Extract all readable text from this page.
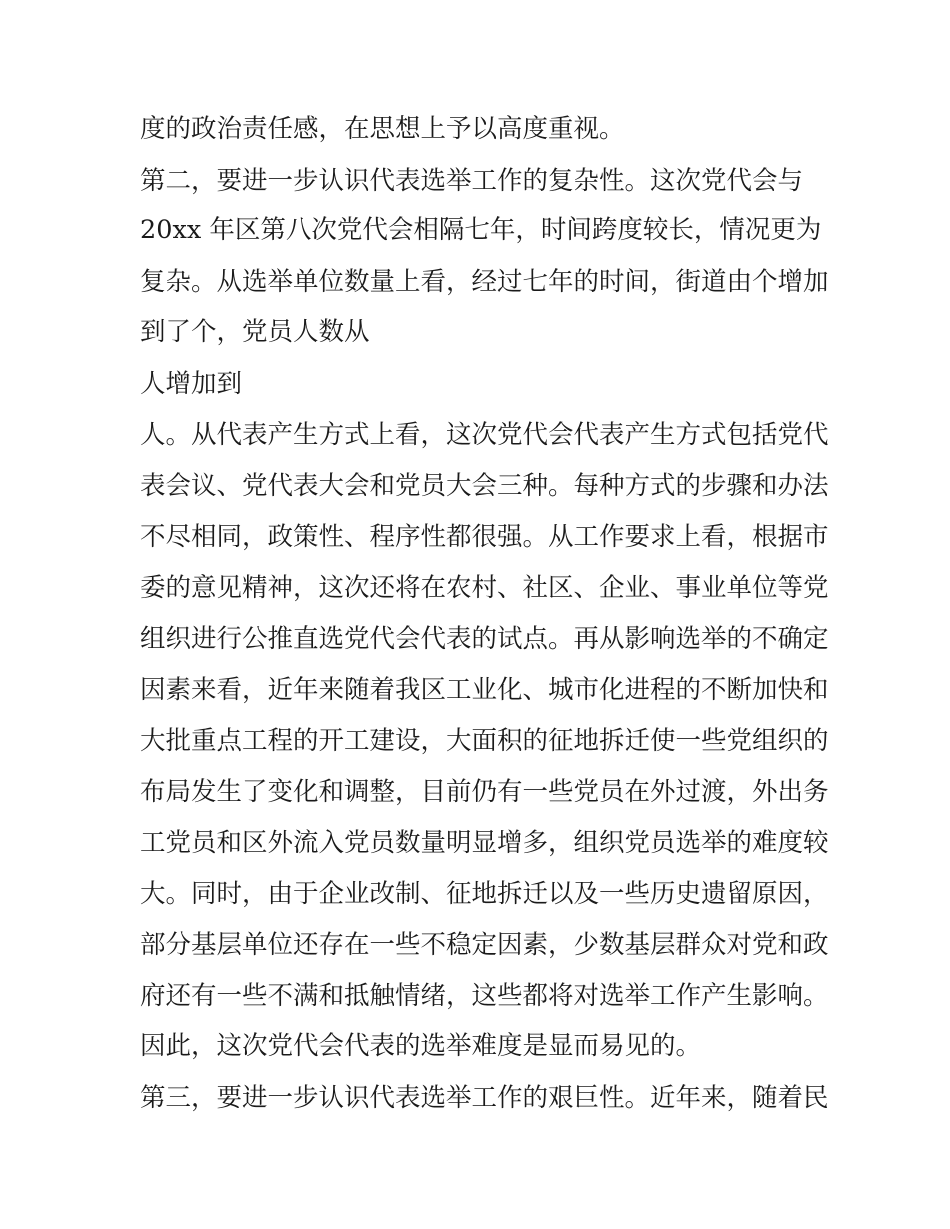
度的政治责任感，在思想上予以高度重视。
第二，要进一步认识代表选举工作的复杂性。这次党代会与
20xx 年区第八次党代会相隔七年，时间跨度较长，情况更为
复杂。从选举单位数量上看，经过七年的时间，街道由个增加
到了个，党员人数从
人增加到
人。从代表产生方式上看，这次党代会代表产生方式包括党代
表会议、党代表大会和党员大会三种。每种方式的步骤和办法
不尽相同，政策性、程序性都很强。从工作要求上看，根据市
委的意见精神，这次还将在农村、社区、企业、事业单位等党
组织进行公推直选党代会代表的试点。再从影响选举的不确定
因素来看，近年来随着我区工业化、城市化进程的不断加快和
大批重点工程的开工建设，大面积的征地拆迁使一些党组织的
布局发生了变化和调整，目前仍有一些党员在外过渡，外出务
工党员和区外流入党员数量明显增多，组织党员选举的难度较
大。同时，由于企业改制、征地拆迁以及一些历史遗留原因，
部分基层单位还存在一些不稳定因素，少数基层群众对党和政
府还有一些不满和抵触情绪，这些都将对选举工作产生影响。
因此，这次党代会代表的选举难度是显而易见的。
第三，要进一步认识代表选举工作的艰巨性。近年来，随着民
